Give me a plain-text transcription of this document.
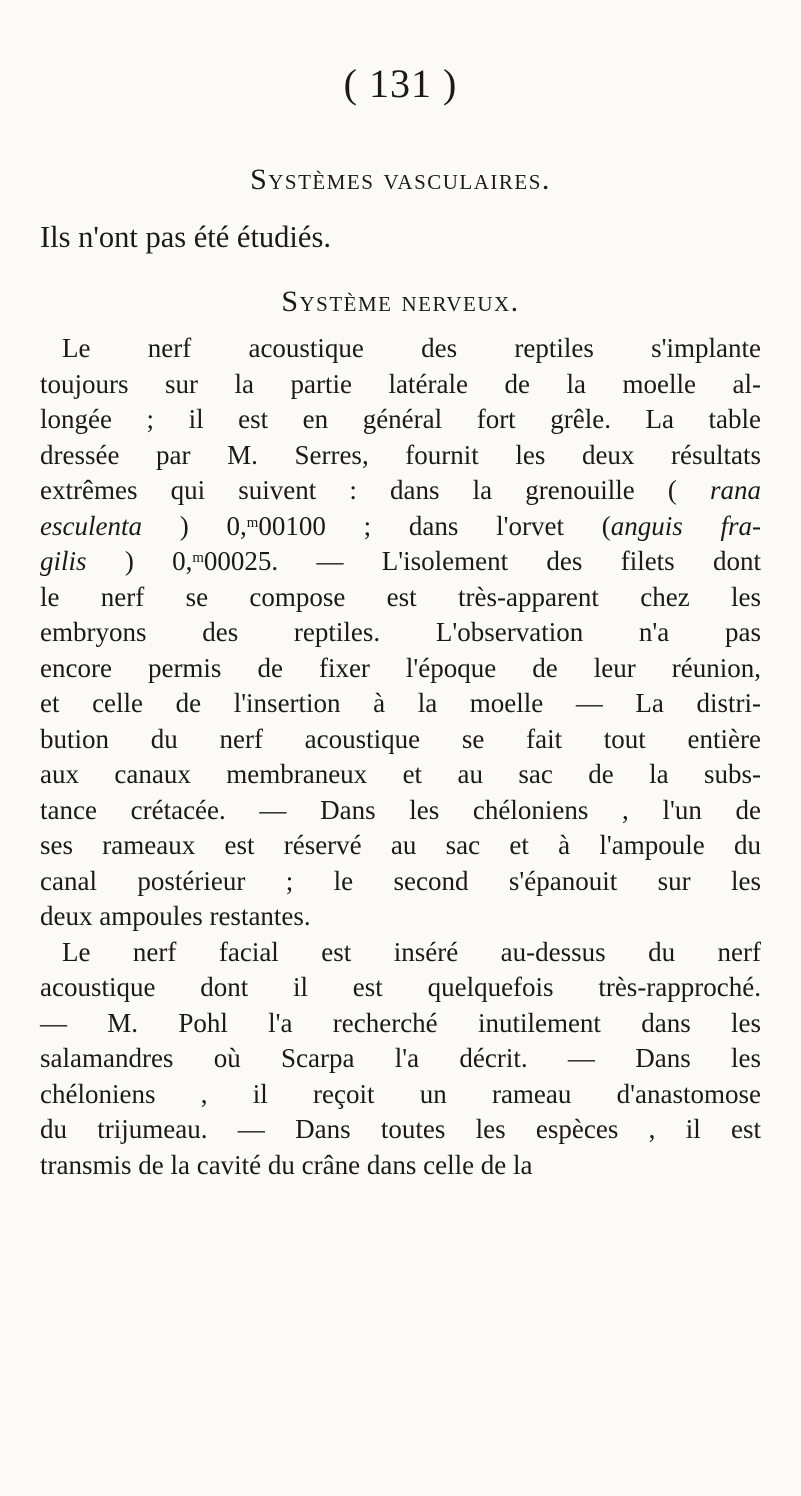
( 131 )
Systèmes vasculaires.
Ils n'ont pas été étudiés.
Système nerveux.
Le nerf acoustique des reptiles s'implante
toujours sur la partie latérale de la moelle al-
longée ; il est en général fort grêle. La table
dressée par M. Serres, fournit les deux résultats
extrêmes qui suivent : dans la grenouille ( rana
esculenta ) 0,$^m$00100 ; dans l'orvet (anguis fra-
gilis ) 0,$^m$00025. — L'isolement des filets dont
le nerf se compose est très-apparent chez les
embryons des reptiles. L'observation n'a pas
encore permis de fixer l'époque de leur réunion,
et celle de l'insertion à la moelle — La distri-
bution du nerf acoustique se fait tout entière
aux canaux membraneux et au sac de la subs-
tance crétacée. — Dans les chéloniens , l'un de
ses rameaux est réservé au sac et à l'ampoule du
canal postérieur ; le second s'épanouit sur les
deux ampoules restantes.
Le nerf facial est inséré au-dessus du nerf
acoustique dont il est quelquefois très-rapproché.
— M. Pohl l'a recherché inutilement dans les
salamandres où Scarpa l'a décrit. — Dans les
chéloniens , il reçoit un rameau d'anastomose
du trijumeau. — Dans toutes les espèces , il est
transmis de la cavité du crâne dans celle de la
